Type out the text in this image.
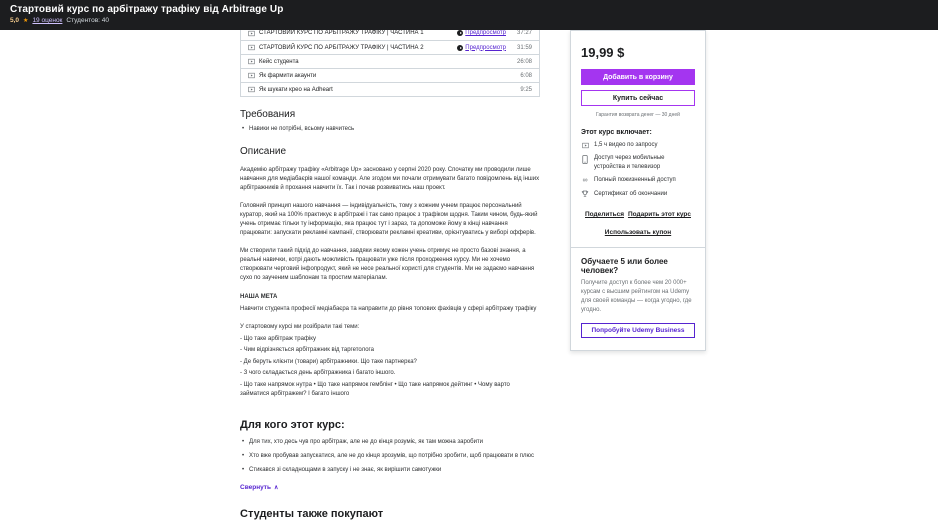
Стартовий курс по арбітражу трафіку від Arbitrage Up
5,0 ★ 19 оценок Студентов: 40
СТАРТОВИЙ КУРС ПО АРБІТРАЖУ ТРАФІКУ | ЧАСТИНА 1	Предпросмотр	37:27
СТАРТОВИЙ КУРС ПО АРБІТРАЖУ ТРАФІКУ | ЧАСТИНА 2	Предпросмотр	31:59
Кейс студента	26:08
Як фармити акаунти	6:08
Як шукати крео на Adheart	9:25
Требования
• Навики не потрібні, всьому навчитесь
Описание

Академію арбітражу трафіку «Arbitrage Up» засновано у серпні 2020 року. Спочатку ми проводили лише навчання для медіабаєрів нашої команди. Але згодом ми почали отримувати багато повідомлень від інших арбітражників й прохання навчити їх. Так і почав розвиватись наш проект.

Головний принцип нашого навчання — індивідуальність, тому з кожним учнем працює персональний куратор, який на 100% практикує в арбітражі і так само працює з трафіком щодня. Таким чином, будь-який учень отримає тільки ту інформацію, яка працює тут і зараз, та допоможе йому в кінці навчання працювати: запускати рекламні кампанії, створювати рекламні креативи, орієнтуватись у виборі офферів.

Ми створили такий підхід до навчання, завдяки якому кожен учень отримує не просто базові знання, а реальні навички, котрі дають можливість працювати уже після проходження курсу. Ми не хочемо створювати черговий інфопродукт, який не несе реальної користі для студентів. Ми не задаємо навчання сухо по заученим шаблонам та простим матеріалам.

НАША МЕТА

Навчити студента професії медіабаєра та направити до рівня топових фахівців у сфері арбітражу трафіку

У стартовому курсі ми розібрали такі теми:

- Що таке арбітраж трафіку

- Чим відрізняється арбітражник від таргетолога

- Де беруть клієнти (товари) арбітражники. Що таке партнерка?

- З чого складається день арбітражника і багато іншого.

- Що таке напрямок нутра • Що таке напрямок гемблінг • Що таке напрямок дейтинг • Чому варто займатися арбітражем? І багато іншого

Для кого этот курс:
• Для тих, хто десь чув про арбітраж, але не до кінця розуміє, як там можна заробити
• Хто вже пробував запускатися, але не до кінця зрозумів, що потрібно зробити, щоб працювати в плюс
• Стикався зі складнощами в запуску і не знає, як вирішити самотужки
Свернуть ∧
Студенты также покупают
19,99 $
Добавить в корзину
Купить сейчас
Гарантия возврата денег — 30 дней
Этот курс включает:
1,5 ч видео по запросу
Доступ через мобильные устройства и телевизор
∞ Полный пожизненный доступ
Сертификат об окончании
Поделиться Подарить этот курс
Использовать купон
Обучаете 5 или более человек?
Получите доступ к более чем 20 000+ курсам с высшим рейтингом на Udemy для своей команды — когда угодно, где угодно.
Попробуйте Udemy Business
